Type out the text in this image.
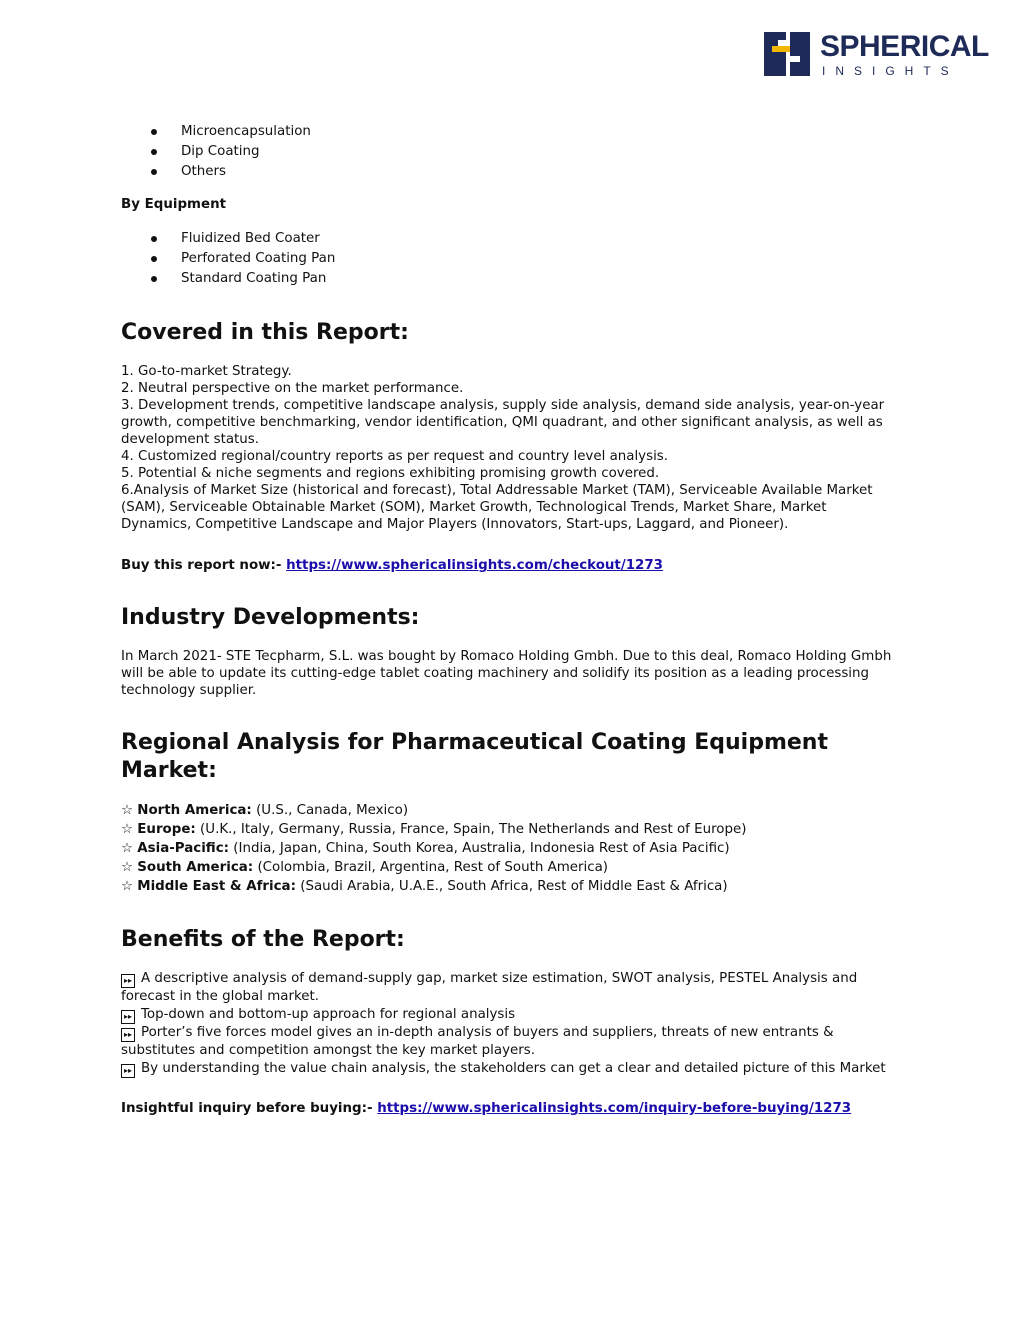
SPHERICAL
INSIGHTS
Microencapsulation
Dip Coating
Others
By Equipment
Fluidized Bed Coater
Perforated Coating Pan
Standard Coating Pan
Covered in this Report:
1. Go-to-market Strategy.
2. Neutral perspective on the market performance.
3. Development trends, competitive landscape analysis, supply side analysis, demand side analysis, year-on-year growth, competitive benchmarking, vendor identification, QMI quadrant, and other significant analysis, as well as development status.
4. Customized regional/country reports as per request and country level analysis.
5. Potential & niche segments and regions exhibiting promising growth covered.
6.Analysis of Market Size (historical and forecast), Total Addressable Market (TAM), Serviceable Available Market (SAM), Serviceable Obtainable Market (SOM), Market Growth, Technological Trends, Market Share, Market Dynamics, Competitive Landscape and Major Players (Innovators, Start-ups, Laggard, and Pioneer).
Buy this report now:- https://www.sphericalinsights.com/checkout/1273
Industry Developments:
In March 2021- STE Tecpharm, S.L. was bought by Romaco Holding Gmbh. Due to this deal, Romaco Holding Gmbh will be able to update its cutting-edge tablet coating machinery and solidify its position as a leading processing technology supplier.
Regional Analysis for Pharmaceutical Coating Equipment Market:
☆ North America: (U.S., Canada, Mexico)
☆ Europe: (U.K., Italy, Germany, Russia, France, Spain, The Netherlands and Rest of Europe)
☆ Asia-Pacific: (India, Japan, China, South Korea, Australia, Indonesia Rest of Asia Pacific)
☆ South America: (Colombia, Brazil, Argentina, Rest of South America)
☆ Middle East & Africa: (Saudi Arabia, U.A.E., South Africa, Rest of Middle East & Africa)
Benefits of the Report:
▸▸ A descriptive analysis of demand-supply gap, market size estimation, SWOT analysis, PESTEL Analysis and forecast in the global market.
▸▸ Top-down and bottom-up approach for regional analysis
▸▸ Porter’s five forces model gives an in-depth analysis of buyers and suppliers, threats of new entrants & substitutes and competition amongst the key market players.
▸▸ By understanding the value chain analysis, the stakeholders can get a clear and detailed picture of this Market
Insightful inquiry before buying:- https://www.sphericalinsights.com/inquiry-before-buying/1273
